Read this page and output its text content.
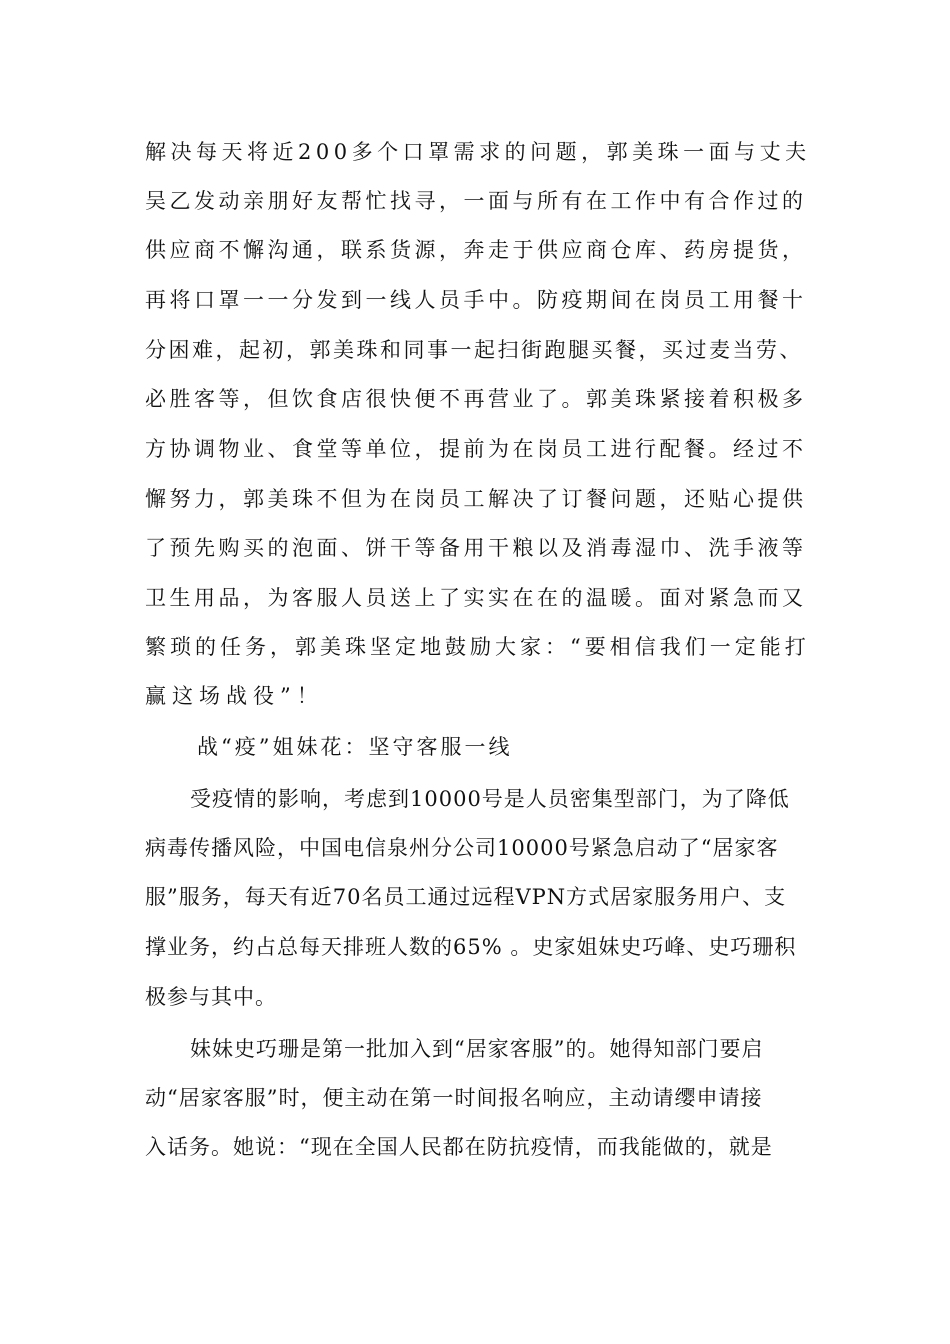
解决每天将近200多个口罩需求的问题，郭美珠一面与丈夫
吴乙发动亲朋好友帮忙找寻，一面与所有在工作中有合作过的
供应商不懈沟通，联系货源，奔走于供应商仓库、药房提货，
再将口罩一一分发到一线人员手中。防疫期间在岗员工用餐十
分困难，起初，郭美珠和同事一起扫街跑腿买餐，买过麦当劳、
必胜客等，但饮食店很快便不再营业了。郭美珠紧接着积极多
方协调物业、食堂等单位，提前为在岗员工进行配餐。经过不
懈努力，郭美珠不但为在岗员工解决了订餐问题，还贴心提供
了预先购买的泡面、饼干等备用干粮以及消毒湿巾、洗手液等
卫生用品，为客服人员送上了实实在在的温暖。面对紧急而又
繁琐的任务，郭美珠坚定地鼓励大家：“要相信我们一定能打
赢这场战役”！
战“疫”姐妹花：坚守客服一线
受疫情的影响，考虑到10000号是人员密集型部门，为了降低
病毒传播风险，中国电信泉州分公司10000号紧急启动了“居家客
服”服务，每天有近70名员工通过远程VPN方式居家服务用户、支
撑业务，约占总每天排班人数的65% 。史家姐妹史巧峰、史巧珊积
极参与其中。
妹妹史巧珊是第一批加入到“居家客服”的。她得知部门要启
动“居家客服”时，便主动在第一时间报名响应，主动请缨申请接
入话务。她说：“现在全国人民都在防抗疫情，而我能做的，就是
